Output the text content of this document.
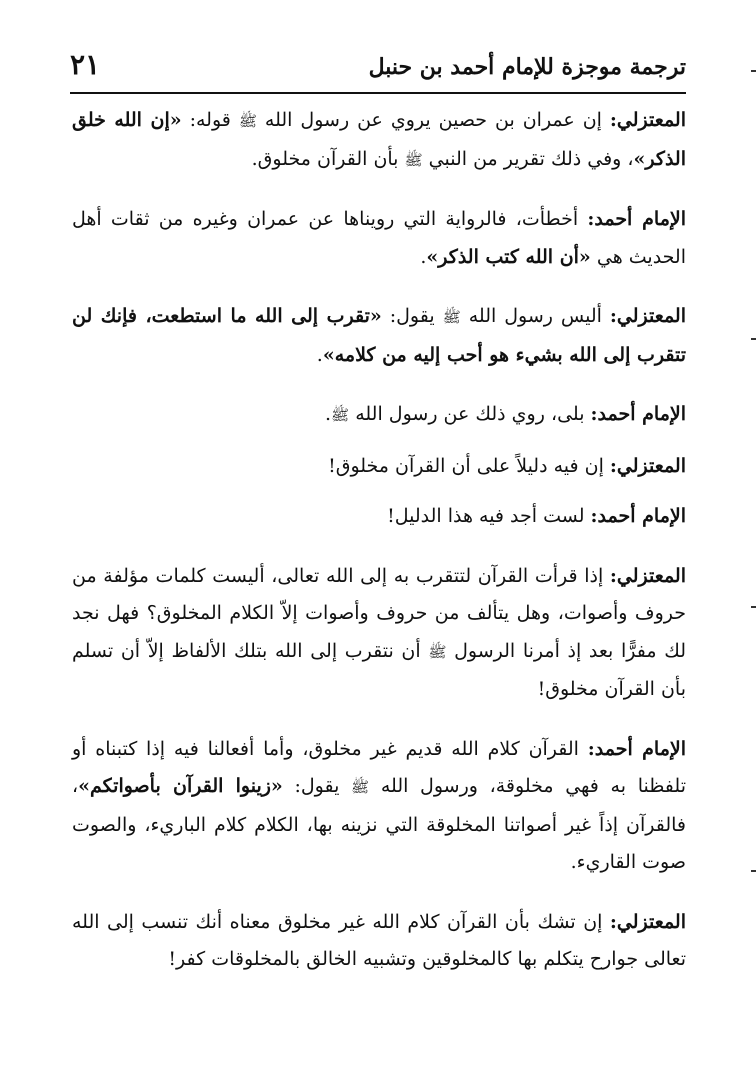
ترجمة موجزة للإمام أحمد بن حنبل
٢١

المعتزلي: إن عمران بن حصين يروي عن رسول الله ﷺ قوله: «إن الله خلق الذكر»، وفي ذلك تقرير من النبي ﷺ بأن القرآن مخلوق.

الإمام أحمد: أخطأت، فالرواية التي رويناها عن عمران وغيره من ثقات أهل الحديث هي «أن الله كتب الذكر».

المعتزلي: أليس رسول الله ﷺ يقول: «تقرب إلى الله ما استطعت، فإنك لن تتقرب إلى الله بشيء هو أحب إليه من كلامه».

الإمام أحمد: بلى، روي ذلك عن رسول الله ﷺ.

المعتزلي: إن فيه دليلاً على أن القرآن مخلوق!

الإمام أحمد: لست أجد فيه هذا الدليل!

المعتزلي: إذا قرأت القرآن لتتقرب به إلى الله تعالى، أليست كلمات مؤلفة من حروف وأصوات، وهل يتألف من حروف وأصوات إلاّ الكلام المخلوق؟ فهل نجد لك مفرًّا بعد إذ أمرنا الرسول ﷺ أن نتقرب إلى الله بتلك الألفاظ إلاّ أن تسلم بأن القرآن مخلوق!

الإمام أحمد: القرآن كلام الله قديم غير مخلوق، وأما أفعالنا فيه إذا كتبناه أو تلفظنا به فهي مخلوقة، ورسول الله ﷺ يقول: «زينوا القرآن بأصواتكم»، فالقرآن إذاً غير أصواتنا المخلوقة التي نزينه بها، الكلام كلام الباريء، والصوت صوت القاريء.

المعتزلي: إن تشك بأن القرآن كلام الله غير مخلوق معناه أنك تنسب إلى الله تعالى جوارح يتكلم بها كالمخلوقين وتشبيه الخالق بالمخلوقات كفر!
